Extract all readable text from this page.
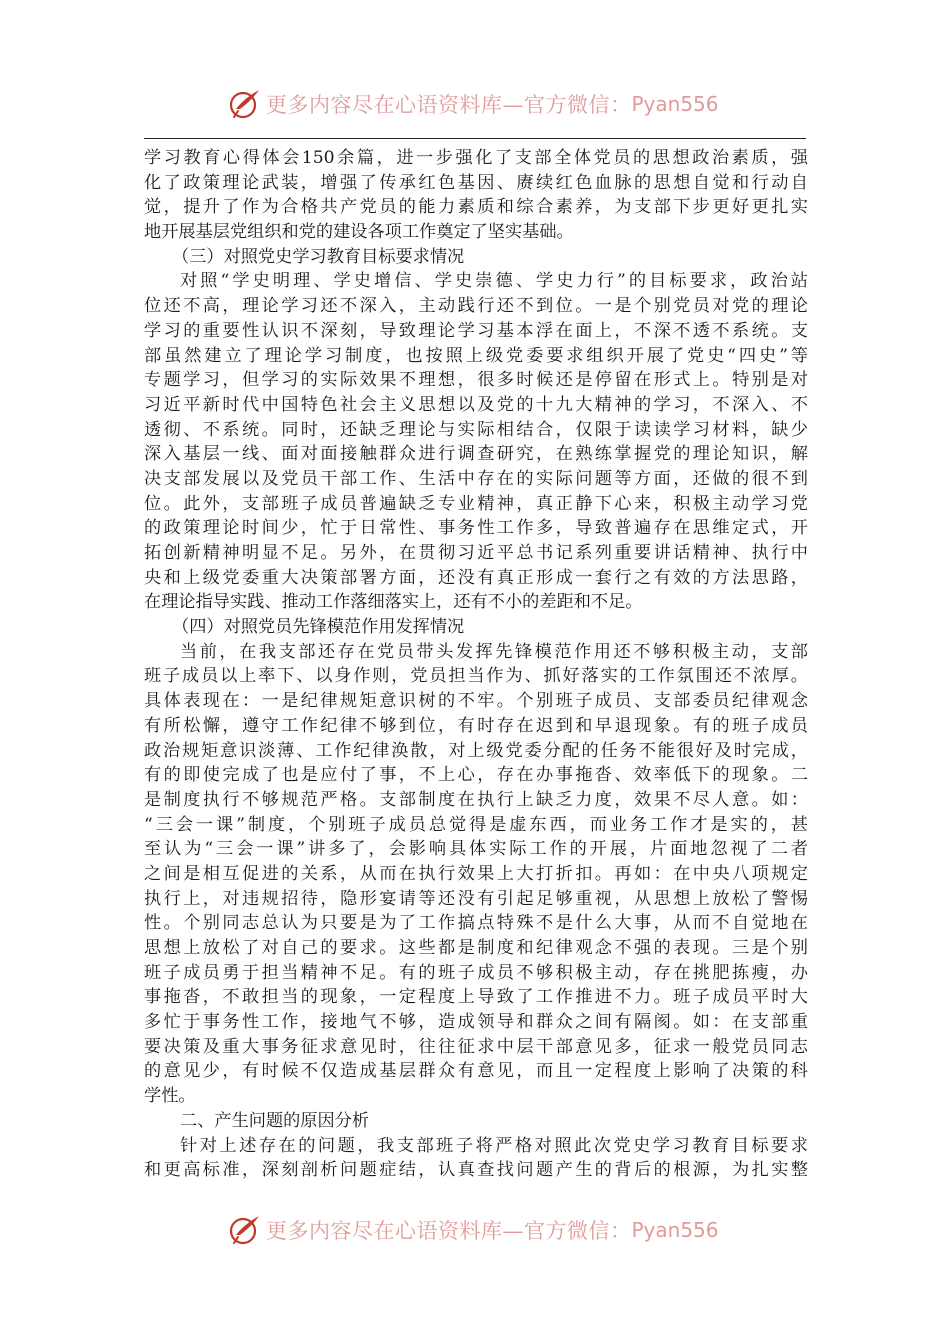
更多内容尽在心语资料库—官方微信： Pyan556
学习教育心得体会150余篇，进一步强化了支部全体党员的思想政治素质，强
化了政策理论武装，增强了传承红色基因、赓续红色血脉的思想自觉和行动自
觉，提升了作为合格共产党员的能力素质和综合素养，为支部下步更好更扎实
地开展基层党组织和党的建设各项工作奠定了坚实基础。
（三）对照党史学习教育目标要求情况
对照“学史明理、学史增信、学史崇德、学史力行”的目标要求，政治站
位还不高，理论学习还不深入，主动践行还不到位。一是个别党员对党的理论
学习的重要性认识不深刻，导致理论学习基本浮在面上，不深不透不系统。支
部虽然建立了理论学习制度，也按照上级党委要求组织开展了党史“四史”等
专题学习，但学习的实际效果不理想，很多时候还是停留在形式上。特别是对
习近平新时代中国特色社会主义思想以及党的十九大精神的学习，不深入、不
透彻、不系统。同时，还缺乏理论与实际相结合，仅限于读读学习材料，缺少
深入基层一线、面对面接触群众进行调查研究，在熟练掌握党的理论知识，解
决支部发展以及党员干部工作、生活中存在的实际问题等方面，还做的很不到
位。此外，支部班子成员普遍缺乏专业精神，真正静下心来，积极主动学习党
的政策理论时间少，忙于日常性、事务性工作多，导致普遍存在思维定式，开
拓创新精神明显不足。另外，在贯彻习近平总书记系列重要讲话精神、执行中
央和上级党委重大决策部署方面，还没有真正形成一套行之有效的方法思路，
在理论指导实践、推动工作落细落实上，还有不小的差距和不足。
（四）对照党员先锋模范作用发挥情况
当前，在我支部还存在党员带头发挥先锋模范作用还不够积极主动，支部
班子成员以上率下、以身作则，党员担当作为、抓好落实的工作氛围还不浓厚。
具体表现在：一是纪律规矩意识树的不牢。个别班子成员、支部委员纪律观念
有所松懈，遵守工作纪律不够到位，有时存在迟到和早退现象。有的班子成员
政治规矩意识淡薄、工作纪律涣散，对上级党委分配的任务不能很好及时完成，
有的即使完成了也是应付了事，不上心，存在办事拖沓、效率低下的现象。二
是制度执行不够规范严格。支部制度在执行上缺乏力度，效果不尽人意。如：
“三会一课”制度，个别班子成员总觉得是虚东西，而业务工作才是实的，甚
至认为“三会一课”讲多了，会影响具体实际工作的开展，片面地忽视了二者
之间是相互促进的关系，从而在执行效果上大打折扣。再如：在中央八项规定
执行上，对违规招待，隐形宴请等还没有引起足够重视，从思想上放松了警惕
性。个别同志总认为只要是为了工作搞点特殊不是什么大事，从而不自觉地在
思想上放松了对自己的要求。这些都是制度和纪律观念不强的表现。三是个别
班子成员勇于担当精神不足。有的班子成员不够积极主动，存在挑肥拣瘦，办
事拖沓，不敢担当的现象，一定程度上导致了工作推进不力。班子成员平时大
多忙于事务性工作，接地气不够，造成领导和群众之间有隔阂。如：在支部重
要决策及重大事务征求意见时，往往征求中层干部意见多，征求一般党员同志
的意见少，有时候不仅造成基层群众有意见，而且一定程度上影响了决策的科
学性。
二、产生问题的原因分析
针对上述存在的问题，我支部班子将严格对照此次党史学习教育目标要求
和更高标准，深刻剖析问题症结，认真查找问题产生的背后的根源，为扎实整
更多内容尽在心语资料库—官方微信： Pyan556
